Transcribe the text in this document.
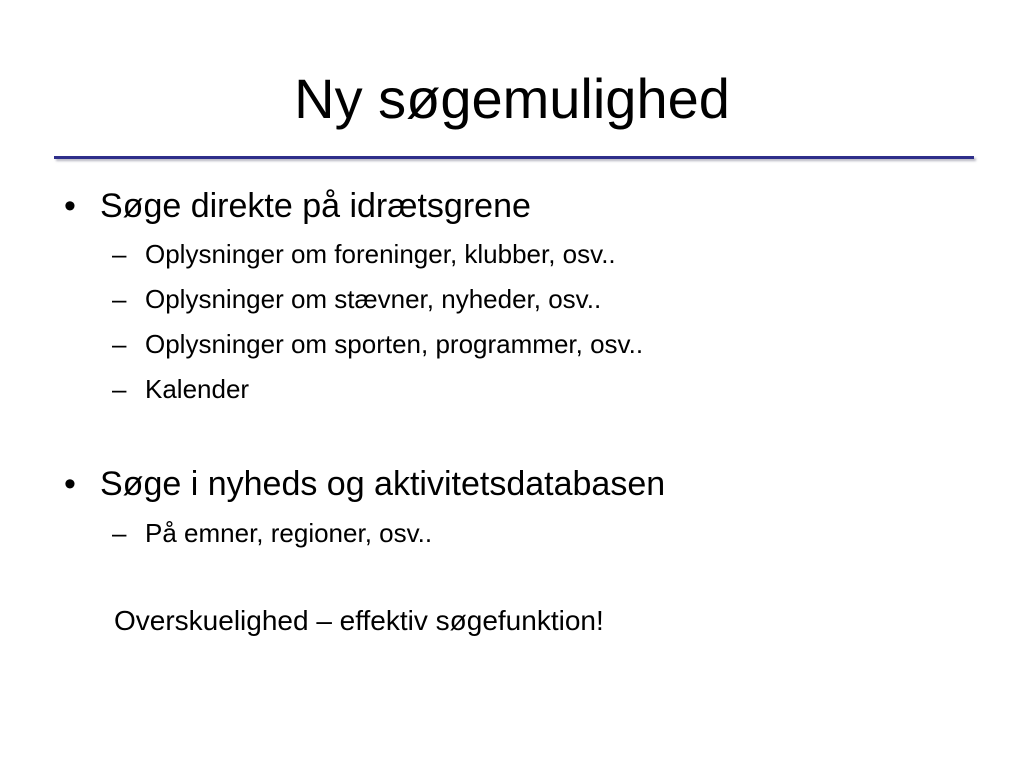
Ny søgemulighed
• Søge direkte på idrætsgrene
– Oplysninger om foreninger, klubber, osv..
– Oplysninger om stævner, nyheder, osv..
– Oplysninger om sporten, programmer, osv..
– Kalender
• Søge i nyheds og aktivitetsdatabasen
– På emner, regioner, osv..
Overskuelighed – effektiv søgefunktion!
